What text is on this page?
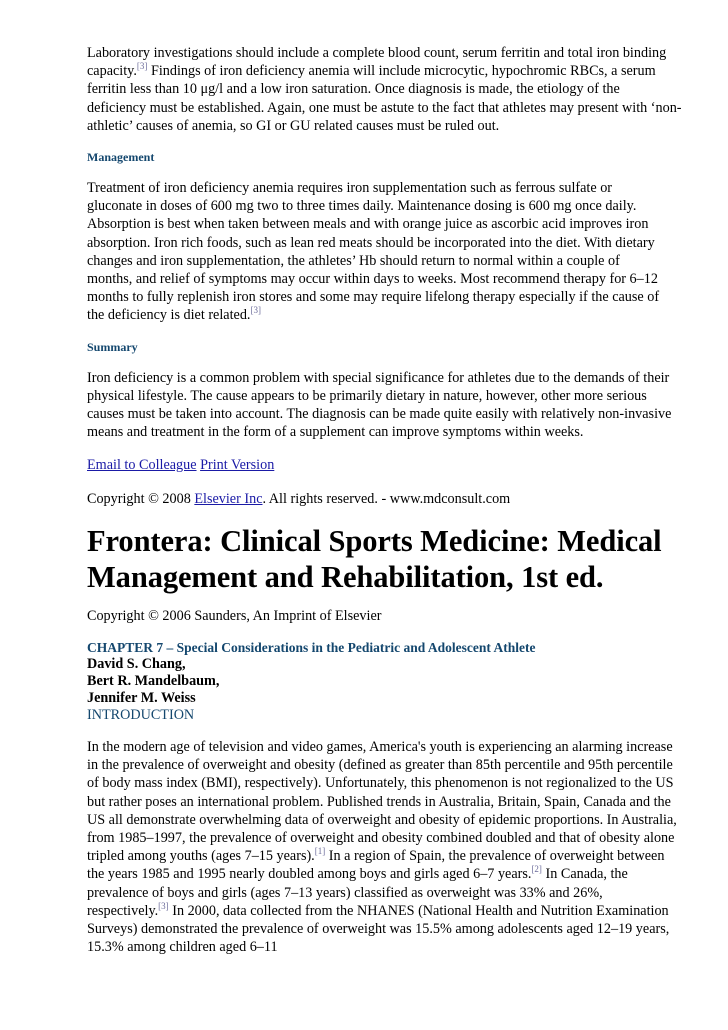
Laboratory investigations should include a complete blood count, serum ferritin and total iron binding capacity.[3] Findings of iron deficiency anemia will include microcytic, hypochromic RBCs, a serum ferritin less than 10 μg/l and a low iron saturation. Once diagnosis is made, the etiology of the deficiency must be established. Again, one must be astute to the fact that athletes may present with ‘non-athletic’ causes of anemia, so GI or GU related causes must be ruled out.

Management

Treatment of iron deficiency anemia requires iron supplementation such as ferrous sulfate or gluconate in doses of 600 mg two to three times daily. Maintenance dosing is 600 mg once daily. Absorption is best when taken between meals and with orange juice as ascorbic acid improves iron absorption. Iron rich foods, such as lean red meats should be incorporated into the diet. With dietary changes and iron supplementation, the athletes’ Hb should return to normal within a couple of months, and relief of symptoms may occur within days to weeks. Most recommend therapy for 6–12 months to fully replenish iron stores and some may require lifelong therapy especially if the cause of the deficiency is diet related.[3]

Summary

Iron deficiency is a common problem with special significance for athletes due to the demands of their physical lifestyle. The cause appears to be primarily dietary in nature, however, other more serious causes must be taken into account. The diagnosis can be made quite easily with relatively non-invasive means and treatment in the form of a supplement can improve symptoms within weeks.

Email to Colleague Print Version

Copyright © 2008 Elsevier Inc. All rights reserved. - www.mdconsult.com

Frontera: Clinical Sports Medicine: Medical Management and Rehabilitation, 1st ed.

Copyright © 2006 Saunders, An Imprint of Elsevier

CHAPTER 7 – Special Considerations in the Pediatric and Adolescent Athlete

David S. Chang,

Bert R. Mandelbaum,

Jennifer M. Weiss

INTRODUCTION

In the modern age of television and video games, America's youth is experiencing an alarming increase in the prevalence of overweight and obesity (defined as greater than 85th percentile and 95th percentile of body mass index (BMI), respectively). Unfortunately, this phenomenon is not regionalized to the US but rather poses an international problem. Published trends in Australia, Britain, Spain, Canada and the US all demonstrate overwhelming data of overweight and obesity of epidemic proportions. In Australia, from 1985–1997, the prevalence of overweight and obesity combined doubled and that of obesity alone tripled among youths (ages 7–15 years).[1] In a region of Spain, the prevalence of overweight between the years 1985 and 1995 nearly doubled among boys and girls aged 6–7 years.[2] In Canada, the prevalence of boys and girls (ages 7–13 years) classified as overweight was 33% and 26%, respectively.[3] In 2000, data collected from the NHANES (National Health and Nutrition Examination Surveys) demonstrated the prevalence of overweight was 15.5% among adolescents aged 12–19 years, 15.3% among children aged 6–11
